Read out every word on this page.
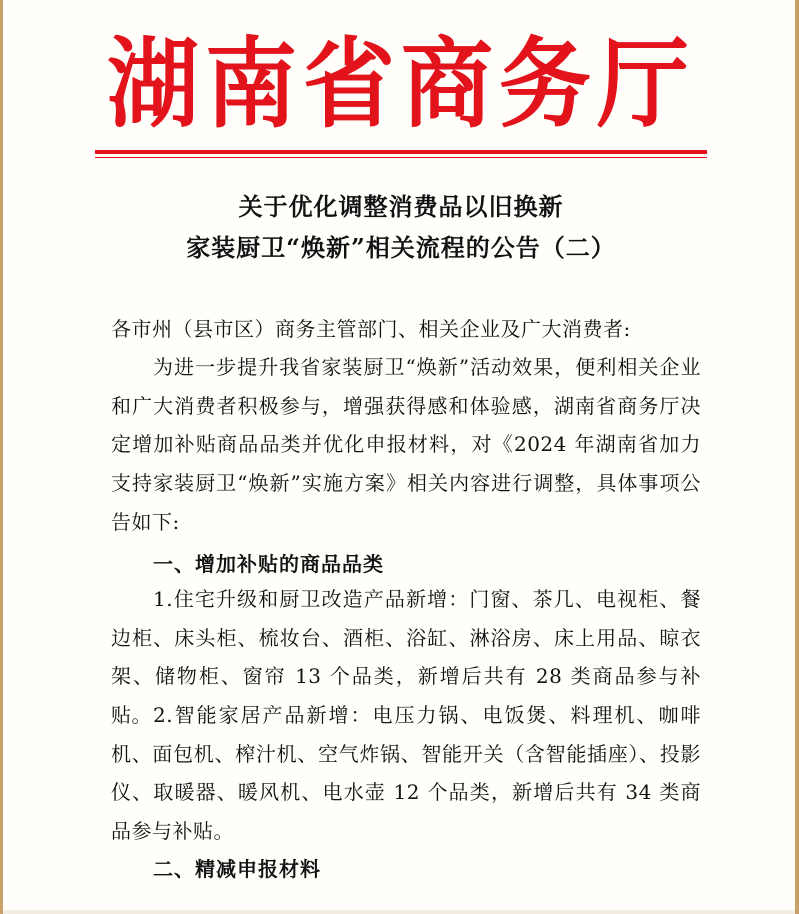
湖南省商务厅
关于优化调整消费品以旧换新
家装厨卫“焕新”相关流程的公告（二）
各市州（县市区）商务主管部门、相关企业及广大消费者:
为进一步提升我省家装厨卫“焕新”活动效果，便利相关企业和广大消费者积极参与，增强获得感和体验感，湖南省商务厅决定增加补贴商品品类并优化申报材料，对《2024 年湖南省加力支持家装厨卫“焕新”实施方案》相关内容进行调整，具体事项公告如下:
一、增加补贴的商品品类
1.住宅升级和厨卫改造产品新增：门窗、茶几、电视柜、餐边柜、床头柜、梳妆台、酒柜、浴缸、淋浴房、床上用品、晾衣架、储物柜、窗帘 13 个品类，新增后共有 28 类商品参与补贴。 2.智能家居产品新增：电压力锅、电饭煲、料理机、咖啡机、面包机、榨汁机、空气炸锅、智能开关（含智能插座）、投影仪、取暖器、暖风机、电水壶 12 个品类，新增后共有 34 类商品参与补贴。
二、精减申报材料
